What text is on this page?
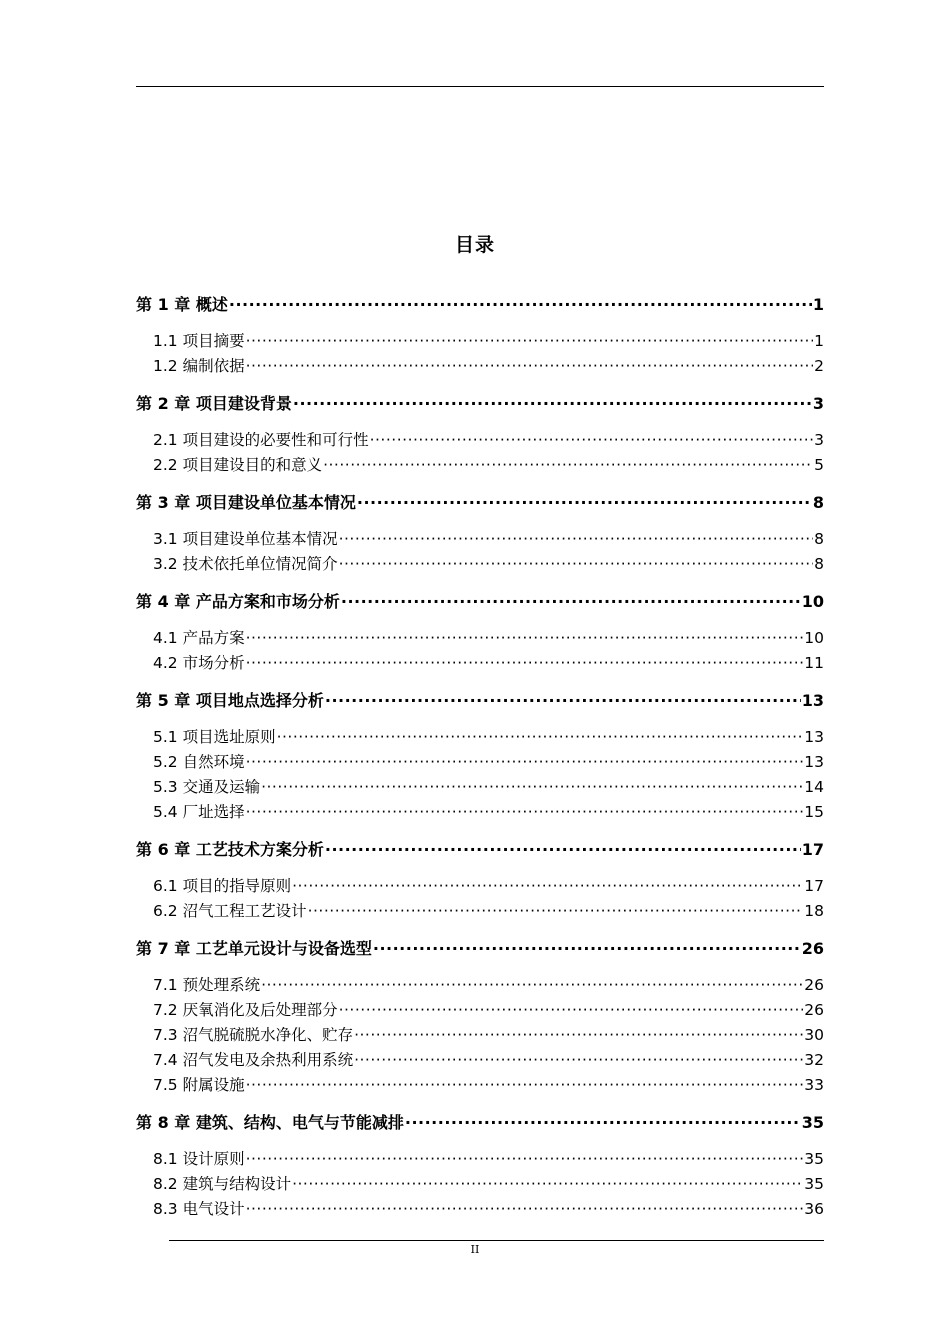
目录
第 1 章 概述 ·····	1
1.1 项目摘要 ·····	1
1.2 编制依据 ·····	2
第 2 章 项目建设背景 ·····	3
2.1 项目建设的必要性和可行性 ·····	3
2.2 项目建设目的和意义 ·····	5
第 3 章 项目建设单位基本情况 ·····	8
3.1 项目建设单位基本情况 ·····	8
3.2 技术依托单位情况简介 ·····	8
第 4 章 产品方案和市场分析 ·····	10
4.1 产品方案 ·····	10
4.2 市场分析 ·····	11
第 5 章 项目地点选择分析 ·····	13
5.1 项目选址原则 ·····	13
5.2 自然环境 ·····	13
5.3 交通及运输 ·····	14
5.4 厂址选择 ·····	15
第 6 章 工艺技术方案分析 ·····	17
6.1 项目的指导原则 ·····	17
6.2 沼气工程工艺设计 ·····	18
第 7 章 工艺单元设计与设备选型 ·····	26
7.1 预处理系统 ·····	26
7.2 厌氧消化及后处理部分 ·····	26
7.3 沼气脱硫脱水净化、贮存 ·····	30
7.4 沼气发电及余热利用系统 ·····	32
7.5 附属设施 ·····	33
第 8 章 建筑、结构、电气与节能减排 ·····	35
8.1 设计原则 ·····	35
8.2 建筑与结构设计 ·····	35
8.3 电气设计 ·····	36
II
